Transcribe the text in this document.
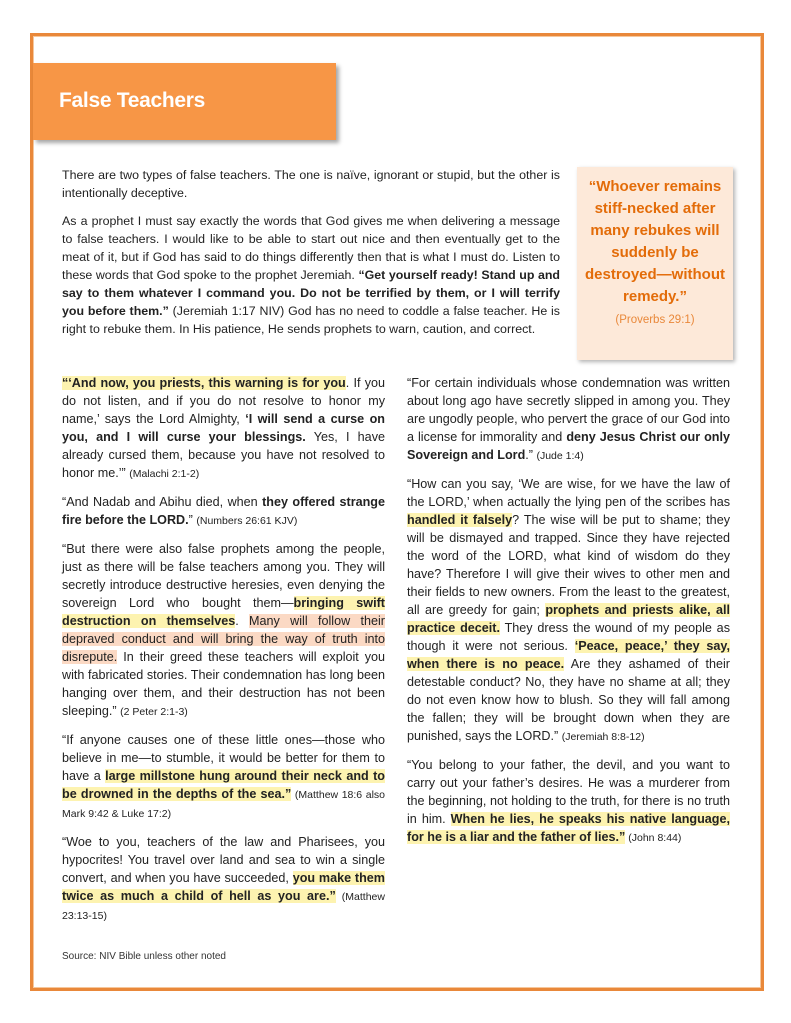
False Teachers

There are two types of false teachers. The one is naïve, ignorant or stupid, but the other is intentionally deceptive.

As a prophet I must say exactly the words that God gives me when delivering a message to false teachers. I would like to be able to start out nice and then eventually get to the meat of it, but if God has said to do things differently then that is what I must do. Listen to these words that God spoke to the prophet Jeremiah. “Get yourself ready! Stand up and say to them whatever I command you. Do not be terrified by them, or I will terrify you before them.” (Jeremiah 1:17 NIV) God has no need to coddle a false teacher. He is right to rebuke them. In His patience, He sends prophets to warn, caution, and correct.

“Whoever remains stiff-necked after many rebukes will suddenly be destroyed—without remedy.”
(Proverbs 29:1)

“‘And now, you priests, this warning is for you. If you do not listen, and if you do not resolve to honor my name,’ says the Lord Almighty, ‘I will send a curse on you, and I will curse your blessings. Yes, I have already cursed them, because you have not resolved to honor me.’” (Malachi 2:1-2)

“And Nadab and Abihu died, when they offered strange fire before the LORD.” (Numbers 26:61 KJV)

“But there were also false prophets among the people, just as there will be false teachers among you. They will secretly introduce destructive heresies, even denying the sovereign Lord who bought them—bringing swift destruction on themselves. Many will follow their depraved conduct and will bring the way of truth into disrepute. In their greed these teachers will exploit you with fabricated stories. Their condemnation has long been hanging over them, and their destruction has not been sleeping.” (2 Peter 2:1-3)

“If anyone causes one of these little ones—those who believe in me—to stumble, it would be better for them to have a large millstone hung around their neck and to be drowned in the depths of the sea.” (Matthew 18:6 also Mark 9:42 & Luke 17:2)

“Woe to you, teachers of the law and Pharisees, you hypocrites! You travel over land and sea to win a single convert, and when you have succeeded, you make them twice as much a child of hell as you are.” (Matthew 23:13-15)

“For certain individuals whose condemnation was written about long ago have secretly slipped in among you. They are ungodly people, who pervert the grace of our God into a license for immorality and deny Jesus Christ our only Sovereign and Lord.” (Jude 1:4)

“How can you say, ‘We are wise, for we have the law of the LORD,’ when actually the lying pen of the scribes has handled it falsely? The wise will be put to shame; they will be dismayed and trapped. Since they have rejected the word of the LORD, what kind of wisdom do they have? Therefore I will give their wives to other men and their fields to new owners. From the least to the greatest, all are greedy for gain; prophets and priests alike, all practice deceit. They dress the wound of my people as though it were not serious. ‘Peace, peace,’ they say, when there is no peace. Are they ashamed of their detestable conduct? No, they have no shame at all; they do not even know how to blush. So they will fall among the fallen; they will be brought down when they are punished, says the LORD.” (Jeremiah 8:8-12)

“You belong to your father, the devil, and you want to carry out your father’s desires. He was a murderer from the beginning, not holding to the truth, for there is no truth in him. When he lies, he speaks his native language, for he is a liar and the father of lies.” (John 8:44)

Source: NIV Bible unless other noted
